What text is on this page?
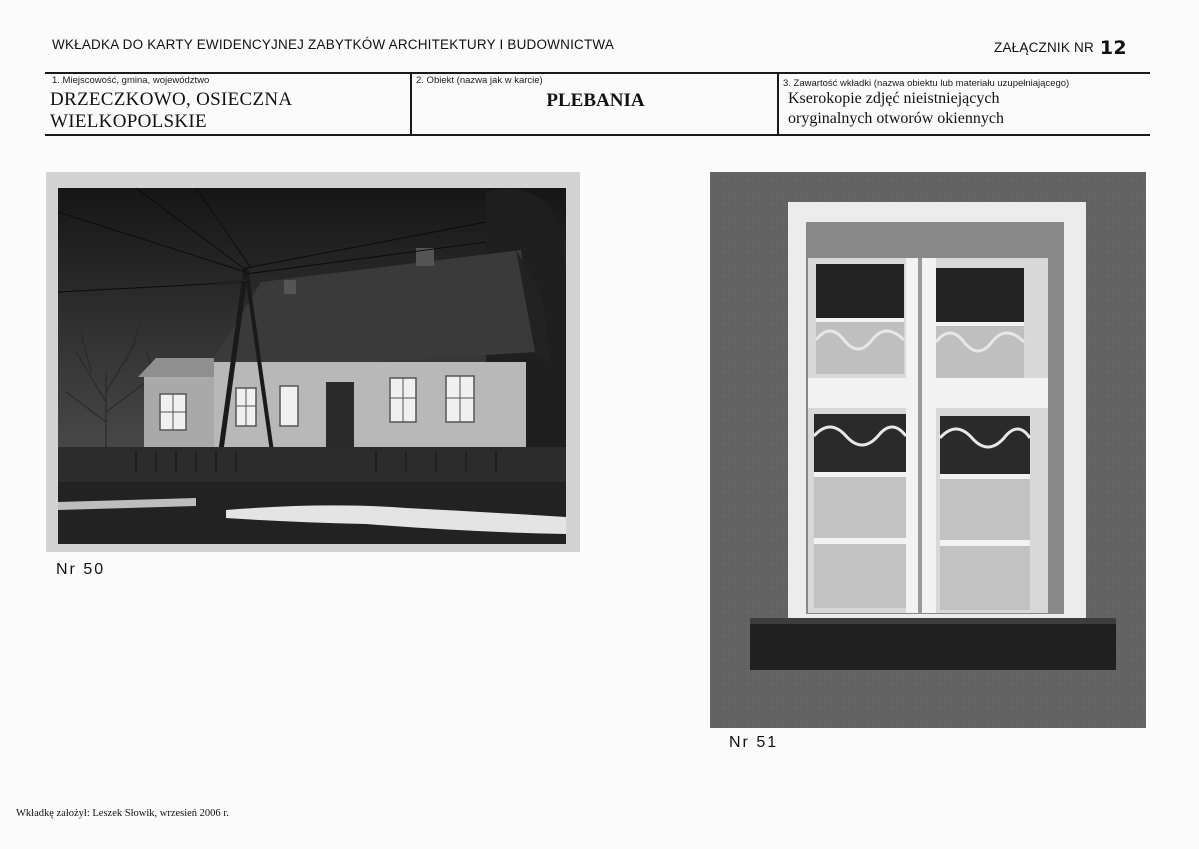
WKŁADKA DO KARTY EWIDENCYJNEJ ZABYTKÓW ARCHITEKTURY I BUDOWNICTWA	ZAŁĄCZNIK NR 12
1. Miejscowość, gmina, województwo
DRZECZKOWO, OSIECZNA
WIELKOPOLSKIE
2. Obiekt (nazwa jak w karcie)
PLEBANIA
3. Zawartość wkładki (nazwa obiektu lub materiału uzupełniającego)
Kserokopie zdjęć nieistniejących
oryginalnych otworów okiennych
Nr 50
Nr 51
Wkładkę założył: Leszek Słowik, wrzesień 2006 r.
